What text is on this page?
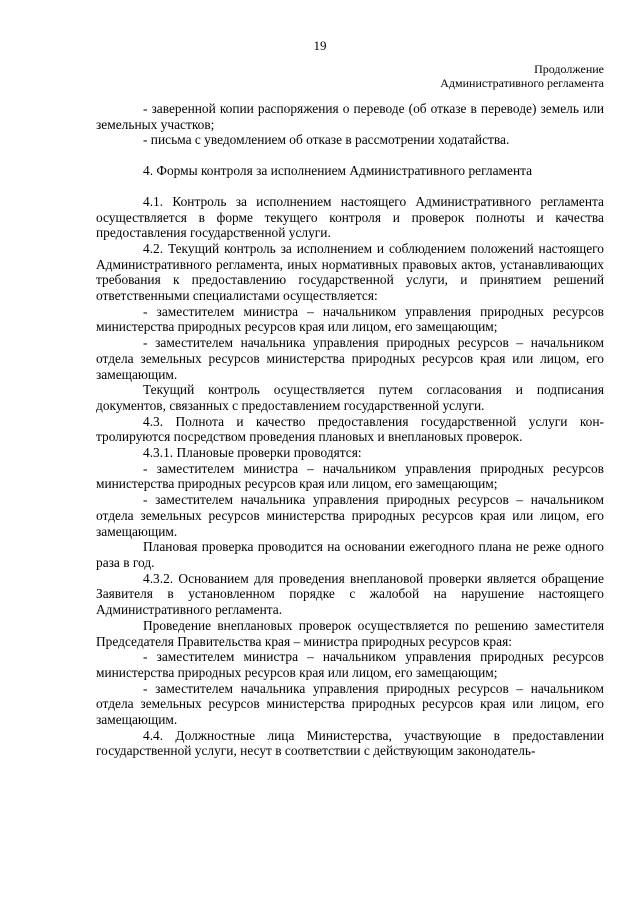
19
Продолжение
Административного регламента

- заверенной копии распоряжения о переводе (об отказе в переводе) земель или земельных участков;

- письма с уведомлением об отказе в рассмотрении ходатайства.

4. Формы контроля за исполнением Административного регламента

4.1. Контроль за исполнением настоящего Административного регламента осуществляется в форме текущего контроля и проверок полноты и качества предоставления государственной услуги.

4.2. Текущий контроль за исполнением и соблюдением положений настоящего Административного регламента, иных нормативных правовых актов, устанавливающих требования к предоставлению государственной услуги, и принятием решений ответственными специалистами осуществляется:

- заместителем министра – начальником управления природных ресурсов министерства природных ресурсов края или лицом, его замещающим;

- заместителем начальника управления природных ресурсов – начальником отдела земельных ресурсов министерства природных ресурсов края или лицом, его замещающим.

Текущий контроль осуществляется путем согласования и подписания документов, связанных с предоставлением государственной услуги.

4.3. Полнота и качество предоставления государственной услуги контролируются посредством проведения плановых и внеплановых проверок.

4.3.1. Плановые проверки проводятся:

- заместителем министра – начальником управления природных ресурсов министерства природных ресурсов края или лицом, его замещающим;

- заместителем начальника управления природных ресурсов – начальником отдела земельных ресурсов министерства природных ресурсов края или лицом, его замещающим.

Плановая проверка проводится на основании ежегодного плана не реже одного раза в год.

4.3.2. Основанием для проведения внеплановой проверки является обращение Заявителя в установленном порядке с жалобой на нарушение настоящего Административного регламента.

Проведение внеплановых проверок осуществляется по решению заместителя Председателя Правительства края – министра природных ресурсов края:

- заместителем министра – начальником управления природных ресурсов министерства природных ресурсов края или лицом, его замещающим;

- заместителем начальника управления природных ресурсов – начальником отдела земельных ресурсов министерства природных ресурсов края или лицом, его замещающим.

4.4. Должностные лица Министерства, участвующие в предоставлении государственной услуги, несут в соответствии с действующим законодатель-
